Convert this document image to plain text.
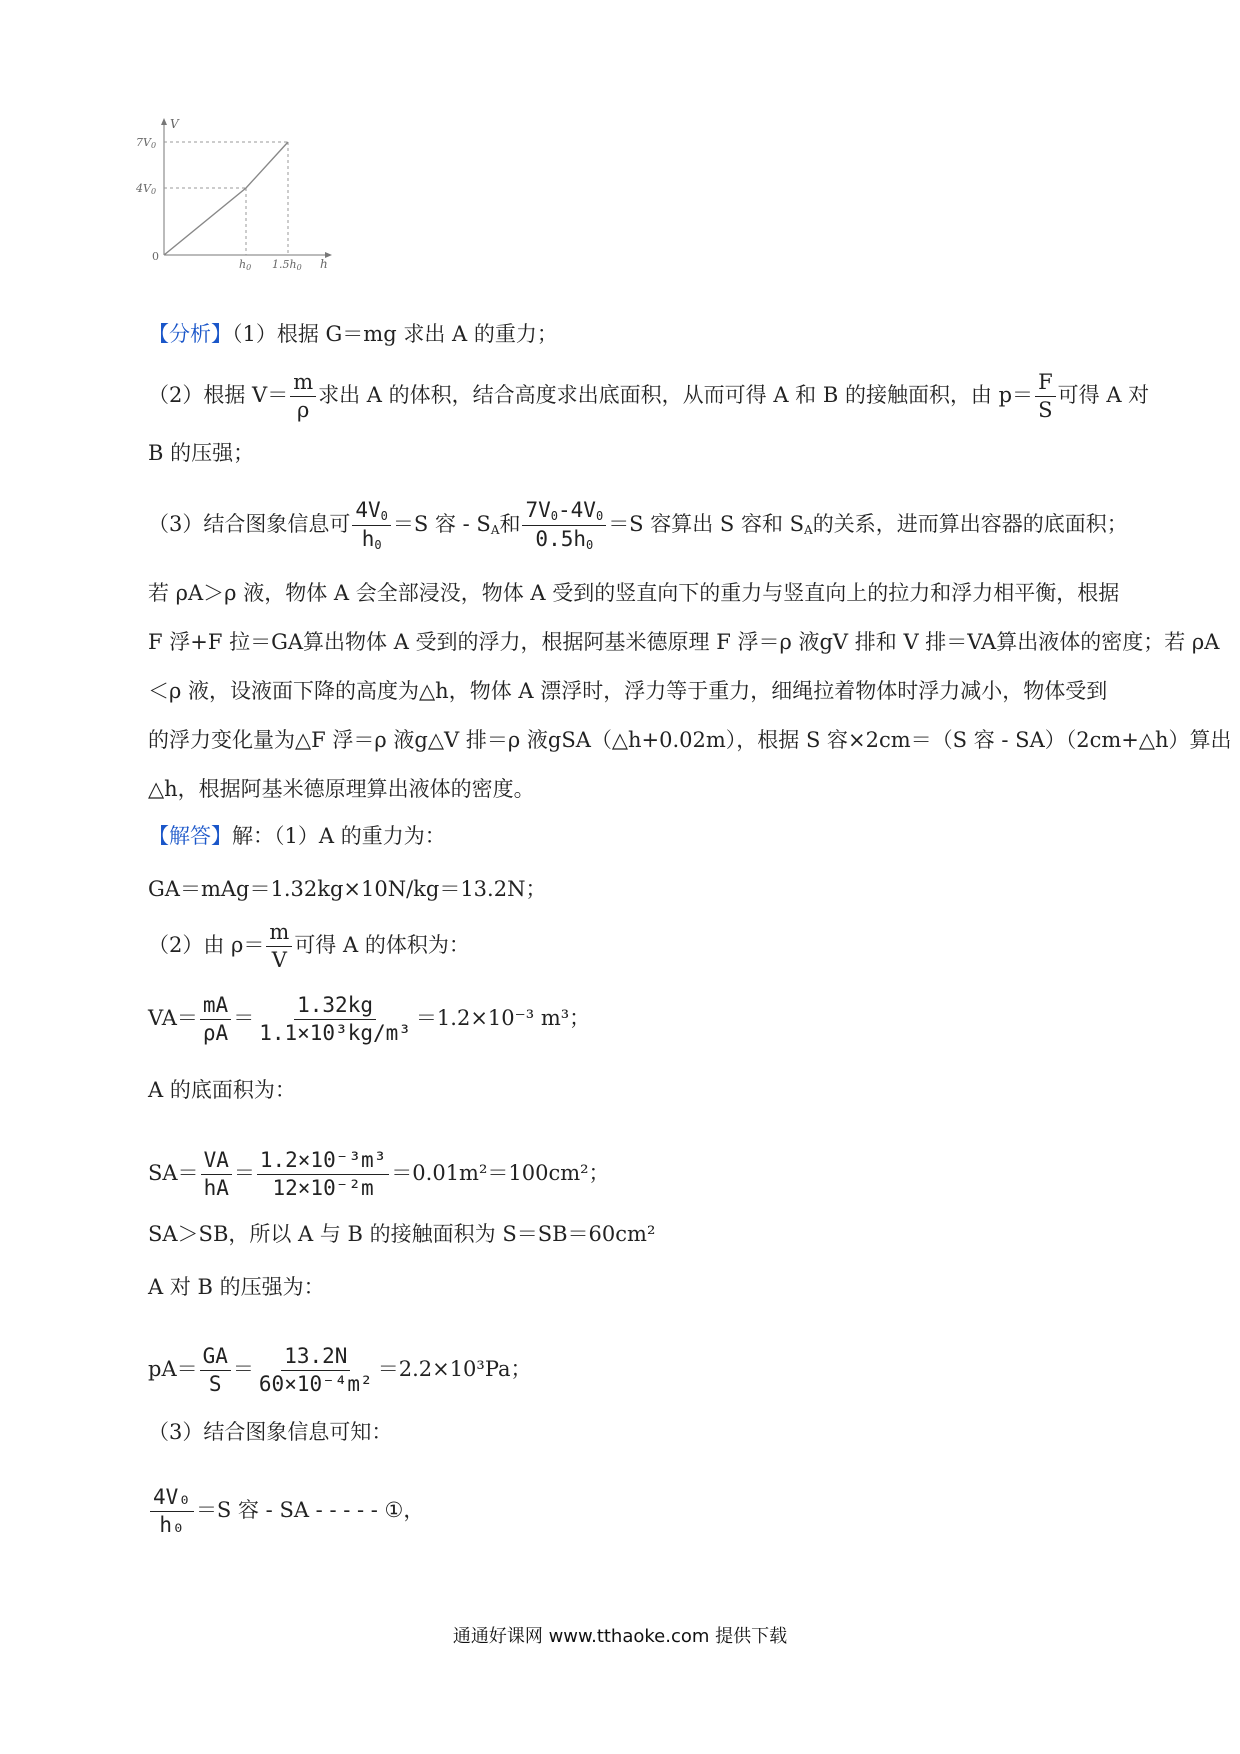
V
0
h
7V0
4V0
h0 1.5h0
【分析】（1）根据 G＝mg 求出 A 的重力；
（2）根据 $V= \frac{m}{\rho}$ 求出 A 的体积，结合高度求出底面积，从而可得 A 和 B 的接触面积，由 $p= \frac{F}{S}$ 可得 A 对
B 的压强；
（3）结合图象信息可 $\frac{4V_0}{h_0} =S$ 容 - $S_A$和 $\frac{7V_0-4V_0}{0.5h_0} =S$ 容算出 S 容和 $S_A$的关系，进而算出容器的底面积；
若 ρA＞ρ 液，物体 A 会全部浸没，物体 A 受到的竖直向下的重力与竖直向上的拉力和浮力相平衡，根据
F 浮+F 拉＝GA算出物体 A 受到的浮力，根据阿基米德原理 F 浮＝ρ 液gV 排和 V 排＝VA算出液体的密度；若 ρA
＜ρ 液，设液面下降的高度为△h，物体 A 漂浮时，浮力等于重力，细绳拉着物体时浮力减小，物体受到
的浮力变化量为△F 浮＝ρ 液g△V 排＝ρ 液gSA（△h+0.02m），根据 S 容×2cm＝（S 容 - SA）（2cm+△h）算出
△h，根据阿基米德原理算出液体的密度。
【解答】解：（1）A 的重力为：
GA＝mAg＝1.32kg×10N/kg＝13.2N；
（2）由 $\rho= \frac{m}{V}$ 可得 A 的体积为：
$VA= \frac{mA}{\rho A} = \frac{1.32kg}{\text{1.1×10³kg/m³}} =1.2\times 10^{-3}$ m³；
A 的底面积为：
$SA= \frac{VA}{hA} = \frac{\text{1.2×10⁻³m³}}{\text{12×10⁻²m}} =0.01m^2=100cm^2$；
SA＞SB，所以 A 与 B 的接触面积为 S＝SB＝60cm²
A 对 B 的压强为：
$pA= \frac{GA}{S} = \frac{13.2N}{\text{60×10⁻⁴m²}} =2.2\times 10^3Pa$；
（3）结合图象信息可知：
$\frac{\text{4V₀}}{\text{h₀}} =S$ 容 - SA - - - - - ①，
通通好课网 www.tthaoke.com 提供下载
